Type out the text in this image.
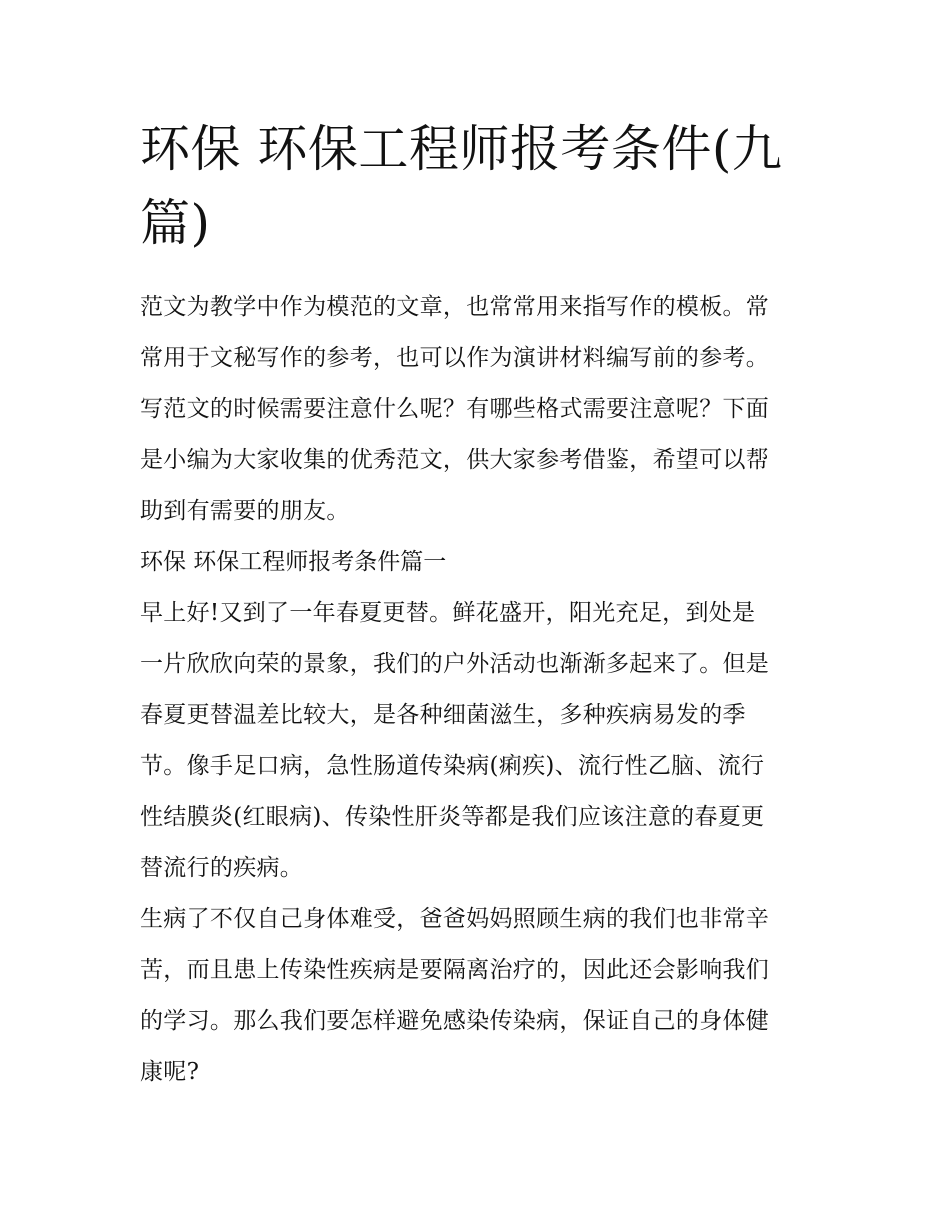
环保 环保工程师报考条件(九
篇)

范文为教学中作为模范的文章，也常常用来指写作的模板。常

常用于文秘写作的参考，也可以作为演讲材料编写前的参考。

写范文的时候需要注意什么呢？有哪些格式需要注意呢？下面

是小编为大家收集的优秀范文，供大家参考借鉴，希望可以帮

助到有需要的朋友。

环保 环保工程师报考条件篇一

早上好!又到了一年春夏更替。鲜花盛开，阳光充足，到处是

一片欣欣向荣的景象，我们的户外活动也渐渐多起来了。但是

春夏更替温差比较大，是各种细菌滋生，多种疾病易发的季

节。像手足口病，急性肠道传染病(痢疾)、流行性乙脑、流行

性结膜炎(红眼病)、传染性肝炎等都是我们应该注意的春夏更

替流行的疾病。

生病了不仅自己身体难受，爸爸妈妈照顾生病的我们也非常辛

苦，而且患上传染性疾病是要隔离治疗的，因此还会影响我们

的学习。那么我们要怎样避免感染传染病，保证自己的身体健

康呢?
